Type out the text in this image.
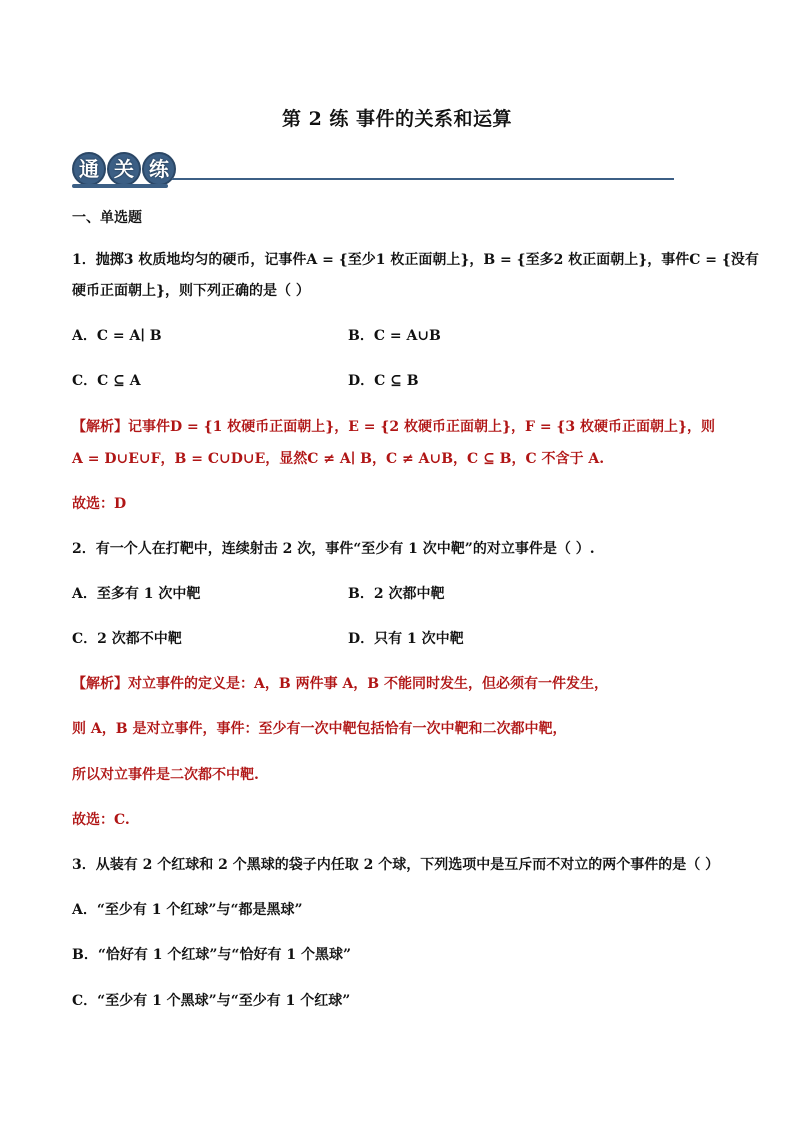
第 2 练 事件的关系和运算
通 关 练
一、单选题
1．抛掷3 枚质地均匀的硬币，记事件A = {至少1 枚正面朝上}，B = {至多2 枚正面朝上}，事件C = {没有
硬币正面朝上}，则下列正确的是（ ）
A．C = A∣ B	B．C = A∪B
C．C ⊆ A	D．C ⊆ B
【解析】记事件D = {1 枚硬币正面朝上}，E = {2 枚硬币正面朝上}，F = {3 枚硬币正面朝上}，则
A = D∪E∪F，B = C∪D∪E，显然C ≠ A∣ B，C ≠ A∪B，C ⊆ B，C 不含于 A.
故选：D
2．有一个人在打靶中，连续射击 2 次，事件“至少有 1 次中靶”的对立事件是（ ）.
A．至多有 1 次中靶	B．2 次都中靶
C．2 次都不中靶	D．只有 1 次中靶
【解析】对立事件的定义是：A，B 两件事 A，B 不能同时发生，但必须有一件发生，
则 A，B 是对立事件，事件：至少有一次中靶包括恰有一次中靶和二次都中靶，
所以对立事件是二次都不中靶.
故选：C.
3．从装有 2 个红球和 2 个黑球的袋子内任取 2 个球，下列选项中是互斥而不对立的两个事件的是（ ）
A．“至少有 1 个红球”与“都是黑球”
B．“恰好有 1 个红球”与“恰好有 1 个黑球”
C．“至少有 1 个黑球”与“至少有 1 个红球”
